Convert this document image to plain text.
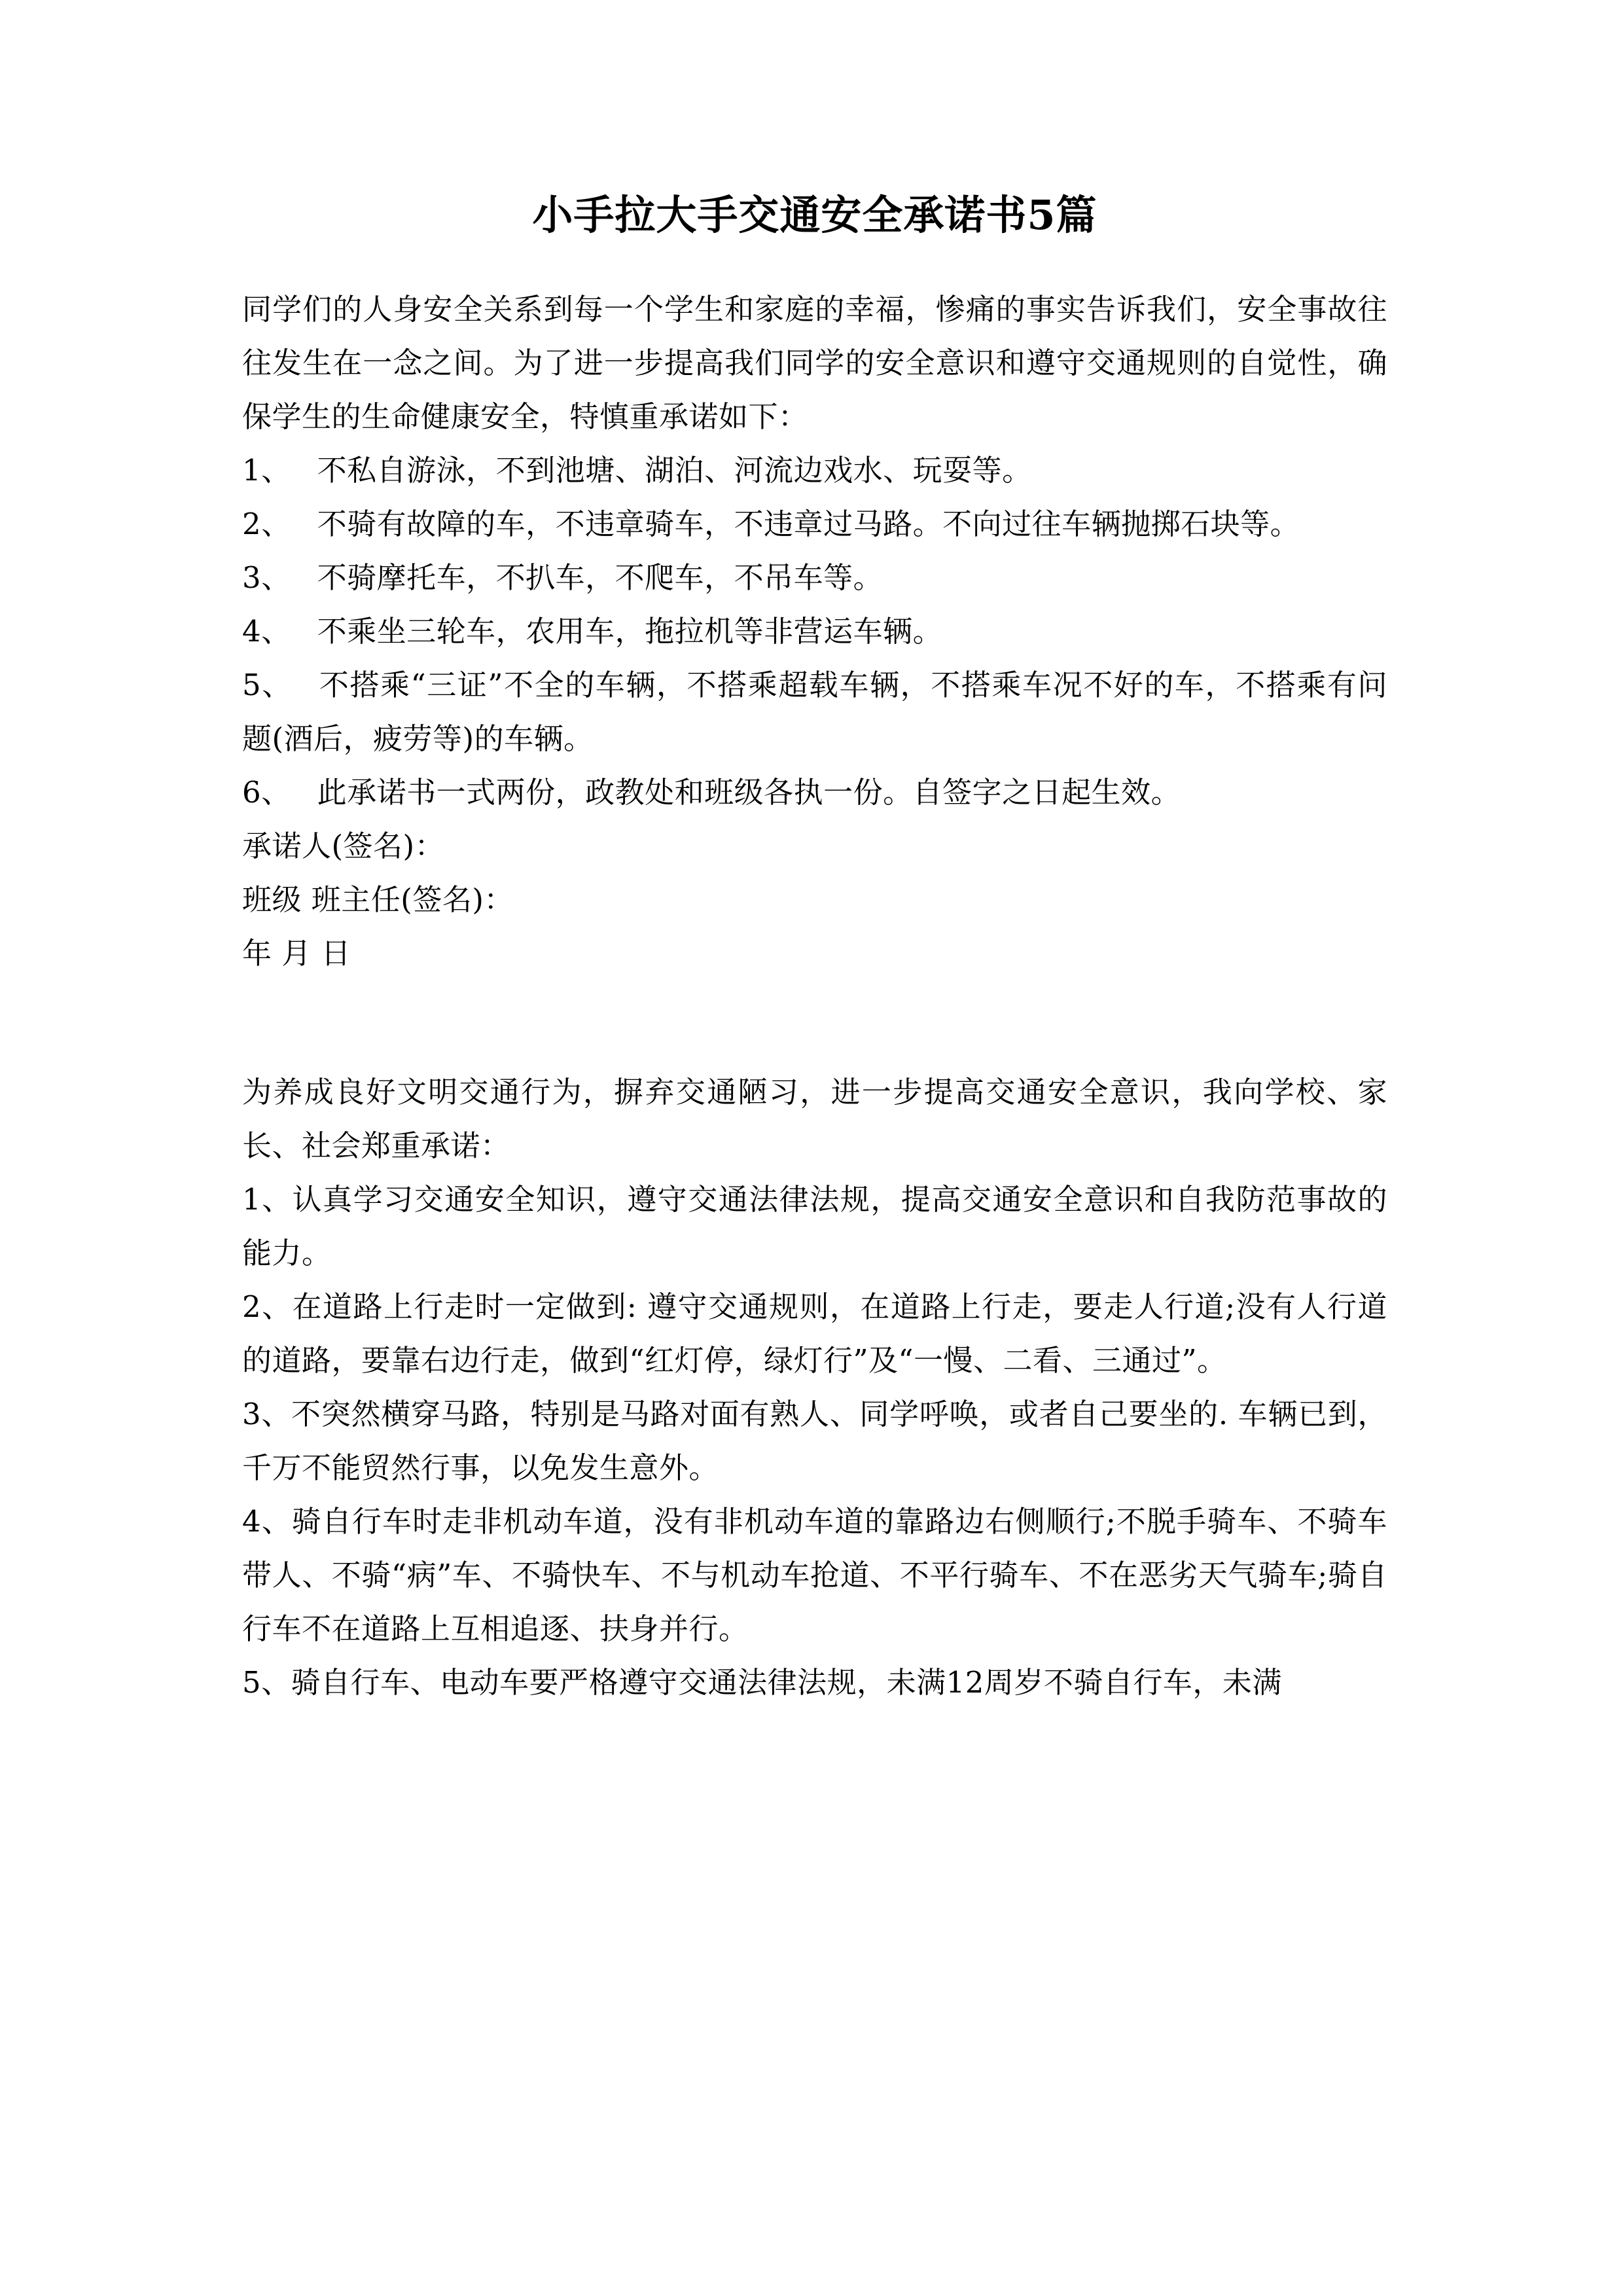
小手拉大手交通安全承诺书5篇

同学们的人身安全关系到每一个学生和家庭的幸福，惨痛的事实告诉我们，安全事故往往发生在一念之间。为了进一步提高我们同学的安全意识和遵守交通规则的自觉性，确保学生的生命健康安全，特慎重承诺如下：

1、 不私自游泳，不到池塘、湖泊、河流边戏水、玩耍等。

2、 不骑有故障的车，不违章骑车，不违章过马路。不向过往车辆抛掷石块等。

3、 不骑摩托车，不扒车，不爬车，不吊车等。

4、 不乘坐三轮车，农用车，拖拉机等非营运车辆。

5、 不搭乘“三证”不全的车辆，不搭乘超载车辆，不搭乘车况不好的车，不搭乘有问题(酒后，疲劳等)的车辆。

6、 此承诺书一式两份，政教处和班级各执一份。自签字之日起生效。

承诺人(签名)：

班级 班主任(签名)：

年 月 日

为养成良好文明交通行为，摒弃交通陋习，进一步提高交通安全意识，我向学校、家长、社会郑重承诺：

1、认真学习交通安全知识，遵守交通法律法规，提高交通安全意识和自我防范事故的能力。

2、在道路上行走时一定做到: 遵守交通规则，在道路上行走，要走人行道;没有人行道的道路，要靠右边行走，做到“红灯停，绿灯行”及“一慢、二看、三通过”。

3、不突然横穿马路，特别是马路对面有熟人、同学呼唤，或者自己要坐的. 车辆已到，千万不能贸然行事，以免发生意外。

4、骑自行车时走非机动车道，没有非机动车道的靠路边右侧顺行;不脱手骑车、不骑车带人、不骑“病”车、不骑快车、不与机动车抢道、不平行骑车、不在恶劣天气骑车;骑自行车不在道路上互相追逐、扶身并行。

5、骑自行车、电动车要严格遵守交通法律法规，未满12周岁不骑自行车，未满
